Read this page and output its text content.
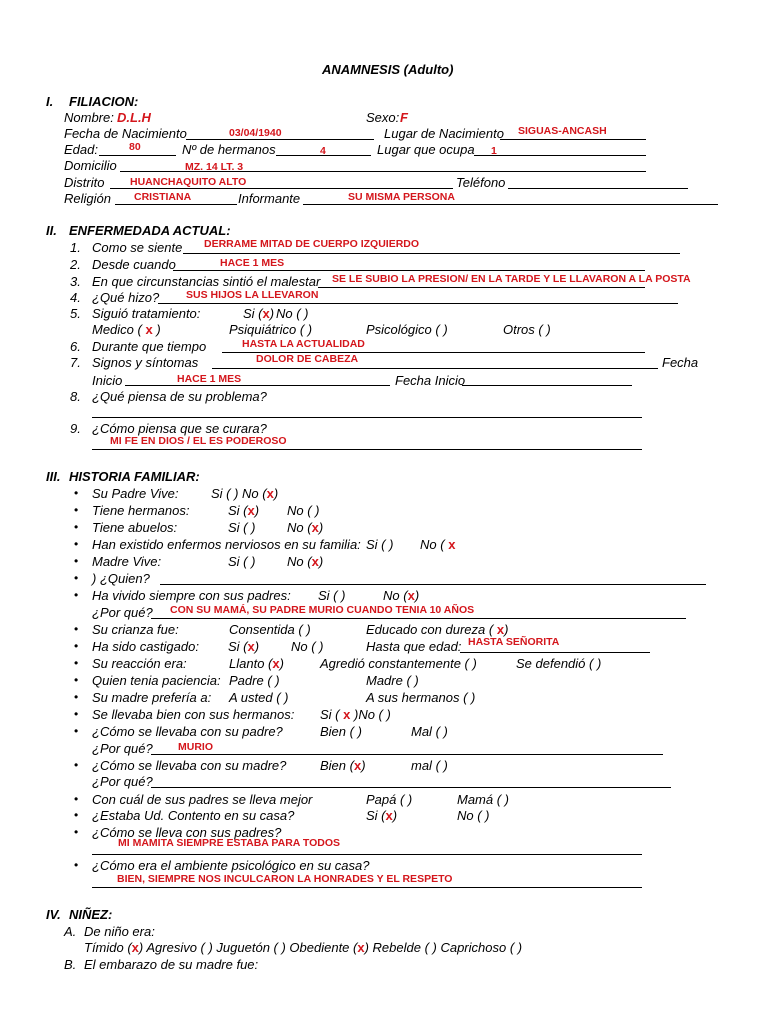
ANAMNESIS (Adulto)
I. FILIACION:
Nombre: D.L.H	Sexo: F
Fecha de Nacimiento	03/04/1940	Lugar de Nacimiento SIGUAS-ANCASH
Edad:	80	Nº de hermanos	4	Lugar que ocupa 1
Domicilio	MZ. 14 LT. 3
Distrito HUANCHAQUITO ALTO	Teléfono
Religión CRISTIANA	Informante	SU MISMA PERSONA
II. ENFERMEDADA ACTUAL:
1. Como se siente DERRAME MITAD DE CUERPO IZQUIERDO
2. Desde cuando	HACE 1 MES
3. En que circunstancias sintió el malestar SE LE SUBIO LA PRESION/ EN LA TARDE Y LE LLAVARON A LA POSTA
4. ¿Qué hizo?	SUS HIJOS LA LLEVARON
5. Siguió tratamiento:	Si (x) No ( )
Medico ( x )	Psiquiátrico ( )	Psicológico ( )	Otros ( )
6. Durante que tiempo	HASTA LA ACTUALIDAD
7. Signos y síntomas	DOLOR DE CABEZA	Fecha
Inicio	HACE 1 MES	Fecha Inicio
8. ¿Qué piensa de su problema?
9. ¿Cómo piensa que se curara?
MI FE EN DIOS / EL ES PODEROSO
III. HISTORIA FAMILIAR:
• Su Padre Vive:	Si ( ) No (x)
• Tiene hermanos:	Si (x) No ( )
• Tiene abuelos:	Si ( ) No (x)
• Han existido enfermos nerviosos en su familia: Si ( ) No ( x
• Madre Vive:	Si ( ) No (x)
• ) ¿Quien?
• Ha vivido siempre con sus padres: Si ( )	No (x)
¿Por qué? CON SU MAMÁ, SU PADRE MURIO CUANDO TENIA 10 AÑOS
• Su crianza fue:	Consentida ( )	Educado con dureza ( x)
• Ha sido castigado: Si (x) No ( )	Hasta que edad: HASTA SEÑORITA
• Su reacción era:	Llanto (x)	Agredió constantemente ( )	Se defendió ( )
• Quien tenia paciencia: Padre ( )	Madre ( )
• Su madre prefería a: A usted ( )	A sus hermanos ( )
• Se llevaba bien con sus hermanos: Si ( x )No ( )
• ¿Cómo se llevaba con su padre?	Bien ( )	Mal ( )
¿Por qué? MURIO
• ¿Cómo se llevaba con su madre?	Bien (x)	mal ( )
¿Por qué?
• Con cuál de sus padres se lleva mejor	Papá ( )	Mamá ( )
• ¿Estaba Ud. Contento en su casa?	Si (x)	No ( )
• ¿Cómo se lleva con sus padres?
MI MAMITA SIEMPRE ESTABA PARA TODOS
• ¿Cómo era el ambiente psicológico en su casa?
BIEN, SIEMPRE NOS INCULCARON LA HONRADES Y EL RESPETO
IV. NIÑEZ:
A. De niño era:
Tímido (x) Agresivo ( ) Juguetón ( ) Obediente (x) Rebelde ( ) Caprichoso ( )
B. El embarazo de su madre fue:
